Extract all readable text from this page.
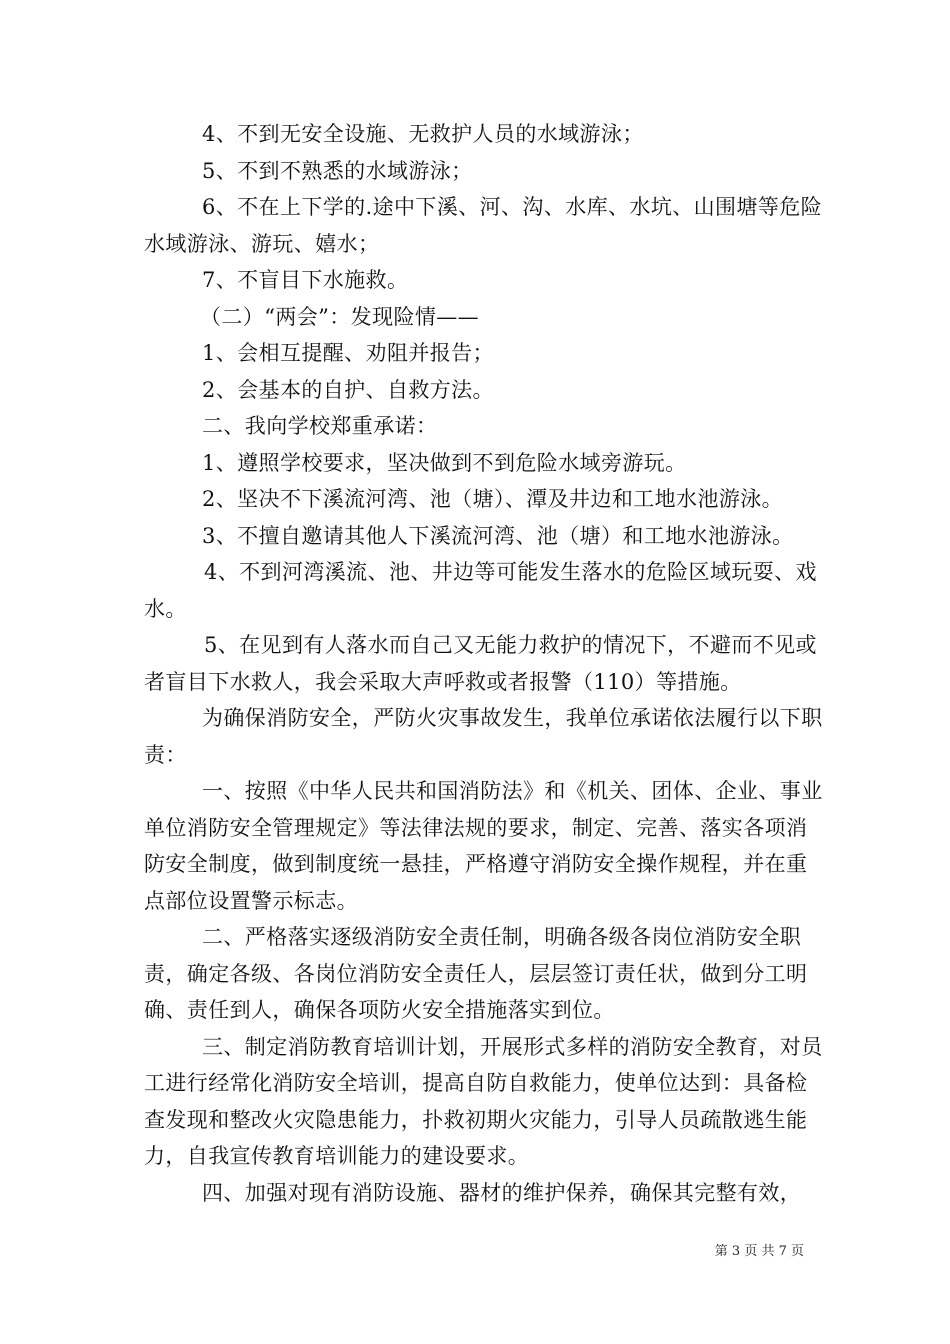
4、不到无安全设施、无救护人员的水域游泳；

5、不到不熟悉的水域游泳；

6、不在上下学的.途中下溪、河、沟、水库、水坑、山围塘等危险水域游泳、游玩、嬉水；

7、不盲目下水施救。

（二）“两会”：发现险情——

1、会相互提醒、劝阻并报告；

2、会基本的自护、自救方法。

二、我向学校郑重承诺：

1、遵照学校要求，坚决做到不到危险水域旁游玩。

2、坚决不下溪流河湾、池（塘）、潭及井边和工地水池游泳。

3、不擅自邀请其他人下溪流河湾、池（塘）和工地水池游泳。

4、不到河湾溪流、池、井边等可能发生落水的危险区域玩耍、戏水。

5、在见到有人落水而自己又无能力救护的情况下，不避而不见或者盲目下水救人，我会采取大声呼救或者报警（110）等措施。

为确保消防安全，严防火灾事故发生，我单位承诺依法履行以下职责：

一、按照《中华人民共和国消防法》和《机关、团体、企业、事业单位消防安全管理规定》等法律法规的要求，制定、完善、落实各项消防安全制度，做到制度统一悬挂，严格遵守消防安全操作规程，并在重点部位设置警示标志。

二、严格落实逐级消防安全责任制，明确各级各岗位消防安全职责，确定各级、各岗位消防安全责任人，层层签订责任状，做到分工明确、责任到人，确保各项防火安全措施落实到位。

三、制定消防教育培训计划，开展形式多样的消防安全教育，对员工进行经常化消防安全培训，提高自防自救能力，使单位达到：具备检查发现和整改火灾隐患能力，扑救初期火灾能力，引导人员疏散逃生能力，自我宣传教育培训能力的建设要求。

四、加强对现有消防设施、器材的维护保养，确保其完整有效，

第 3 页 共 7 页
